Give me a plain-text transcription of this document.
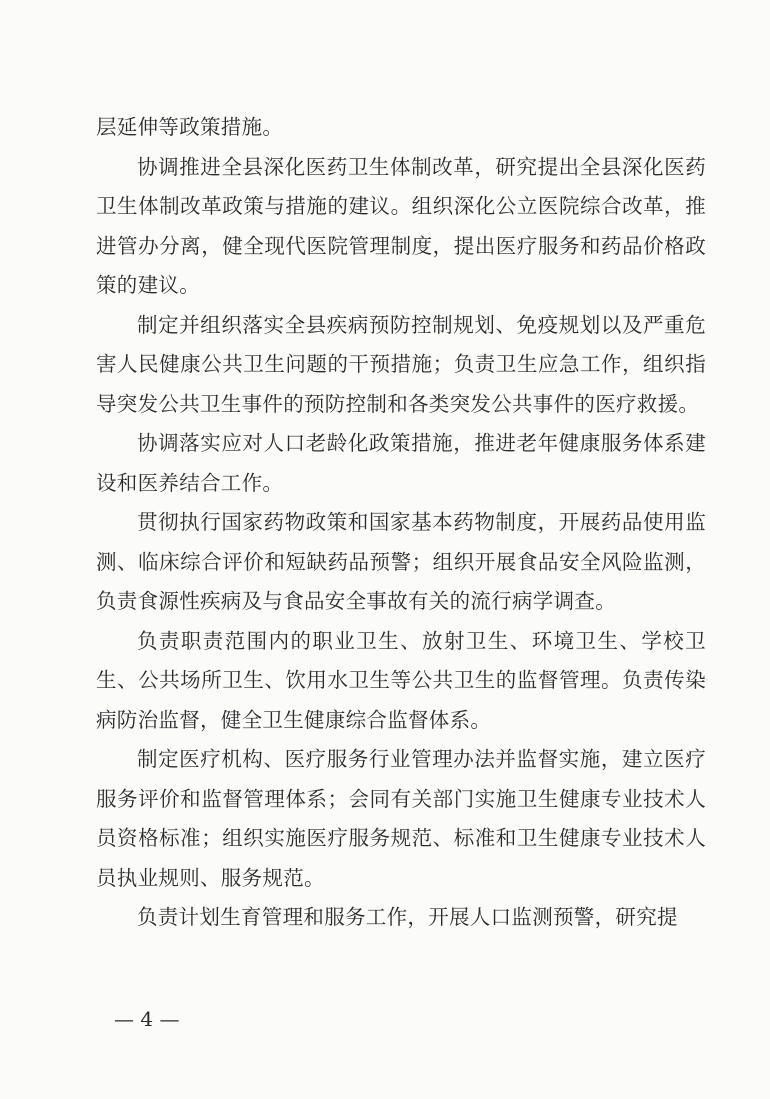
层延伸等政策措施。

协调推进全县深化医药卫生体制改革，研究提出全县深化医药卫生体制改革政策与措施的建议。组织深化公立医院综合改革，推进管办分离，健全现代医院管理制度，提出医疗服务和药品价格政策的建议。

制定并组织落实全县疾病预防控制规划、免疫规划以及严重危害人民健康公共卫生问题的干预措施；负责卫生应急工作，组织指导突发公共卫生事件的预防控制和各类突发公共事件的医疗救援。

协调落实应对人口老龄化政策措施，推进老年健康服务体系建设和医养结合工作。

贯彻执行国家药物政策和国家基本药物制度，开展药品使用监测、临床综合评价和短缺药品预警；组织开展食品安全风险监测，负责食源性疾病及与食品安全事故有关的流行病学调查。

负责职责范围内的职业卫生、放射卫生、环境卫生、学校卫生、公共场所卫生、饮用水卫生等公共卫生的监督管理。负责传染病防治监督，健全卫生健康综合监督体系。

制定医疗机构、医疗服务行业管理办法并监督实施，建立医疗服务评价和监督管理体系；会同有关部门实施卫生健康专业技术人员资格标准；组织实施医疗服务规范、标准和卫生健康专业技术人员执业规则、服务规范。

负责计划生育管理和服务工作，开展人口监测预警，研究提

— 4 —
